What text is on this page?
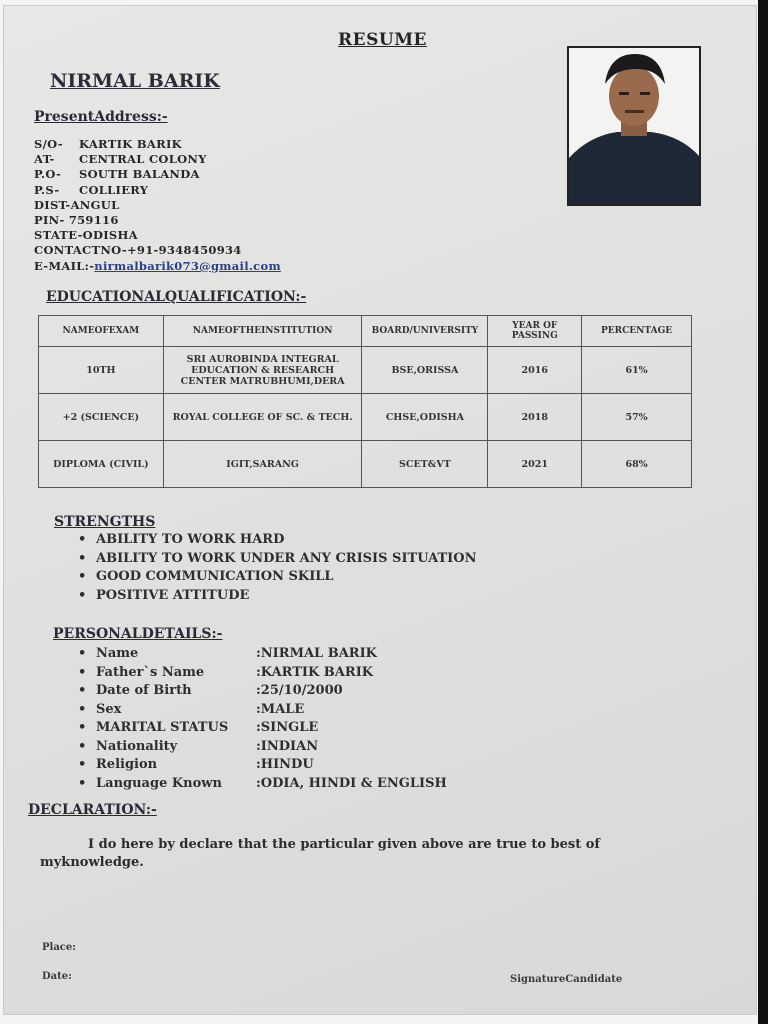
RESUME
NIRMAL BARIK
PresentAddress:-
S/O-	KARTIK BARIK
AT-	CENTRAL COLONY
P.O-	SOUTH BALANDA
P.S-	COLLIERY
DIST-ANGUL
PIN- 759116
STATE-ODISHA
CONTACTNO-+91-9348450934
E-MAIL:-nirmalbarik073@gmail.com
EDUCATIONALQUALIFICATION:-
NAMEOFEXAM	NAMEOFTHEINSTITUTION	BOARD/UNIVERSITY	YEAR OF PASSING	PERCENTAGE
10TH	SRI AUROBINDA INTEGRAL EDUCATION & RESEARCH CENTER MATRUBHUMI,DERA	BSE,ORISSA	2016	61%
+2 (SCIENCE)	ROYAL COLLEGE OF SC. & TECH.	CHSE,ODISHA	2018	57%
DIPLOMA (CIVIL)	IGIT,SARANG	SCET&VT	2021	68%
STRENGTHS
• ABILITY TO WORK HARD
• ABILITY TO WORK UNDER ANY CRISIS SITUATION
• GOOD COMMUNICATION SKILL
• POSITIVE ATTITUDE
PERSONALDETAILS:-
• Name	:NIRMAL BARIK
• Father`s Name	:KARTIK BARIK
• Date of Birth	:25/10/2000
• Sex	:MALE
• MARITAL STATUS :SINGLE
• Nationality	:INDIAN
• Religion	:HINDU
• Language Known	:ODIA, HINDI & ENGLISH
DECLARATION:-
I do here by declare that the particular given above are true to best of myknowledge.
Place:
Date:	SignatureCandidate
